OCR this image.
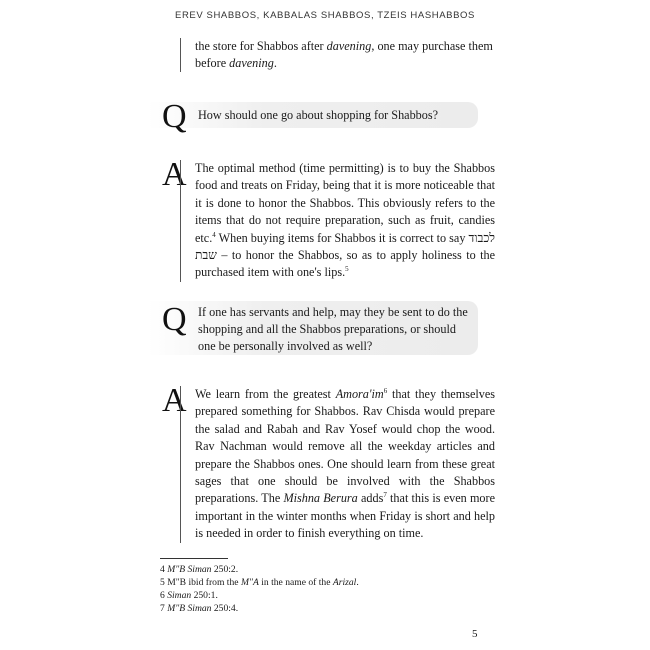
EREV SHABBOS, KABBALAS SHABBOS, TZEIS HASHABBOS
the store for Shabbos after davening, one may purchase them before davening.
Q How should one go about shopping for Shabbos?
A The optimal method (time permitting) is to buy the Shabbos food and treats on Friday, being that it is more noticeable that it is done to honor the Shabbos. This obviously refers to the items that do not require preparation, such as fruit, candies etc.$^4$ When buying items for Shabbos it is correct to say לכבוד שבת – to honor the Shabbos, so as to apply holiness to the purchased item with one's lips.$^5$
Q If one has servants and help, may they be sent to do the shopping and all the Shabbos preparations, or should one be personally involved as well?
A We learn from the greatest $Amora'im^6$ that they themselves prepared something for Shabbos. Rav Chisda would prepare the salad and Rabah and Rav Yosef would chop the wood. Rav Nachman would remove all the weekday articles and prepare the Shabbos ones. One should learn from these great sages that one should be involved with the Shabbos preparations. The Mishna Berura adds$^7$ that this is even more important in the winter months when Friday is short and help is needed in order to finish everything on time.
4 M"B Siman 250:2.
5 M"B ibid from the M"A in the name of the Arizal.
6 Siman 250:1.
7 M"B Siman 250:4.
5
